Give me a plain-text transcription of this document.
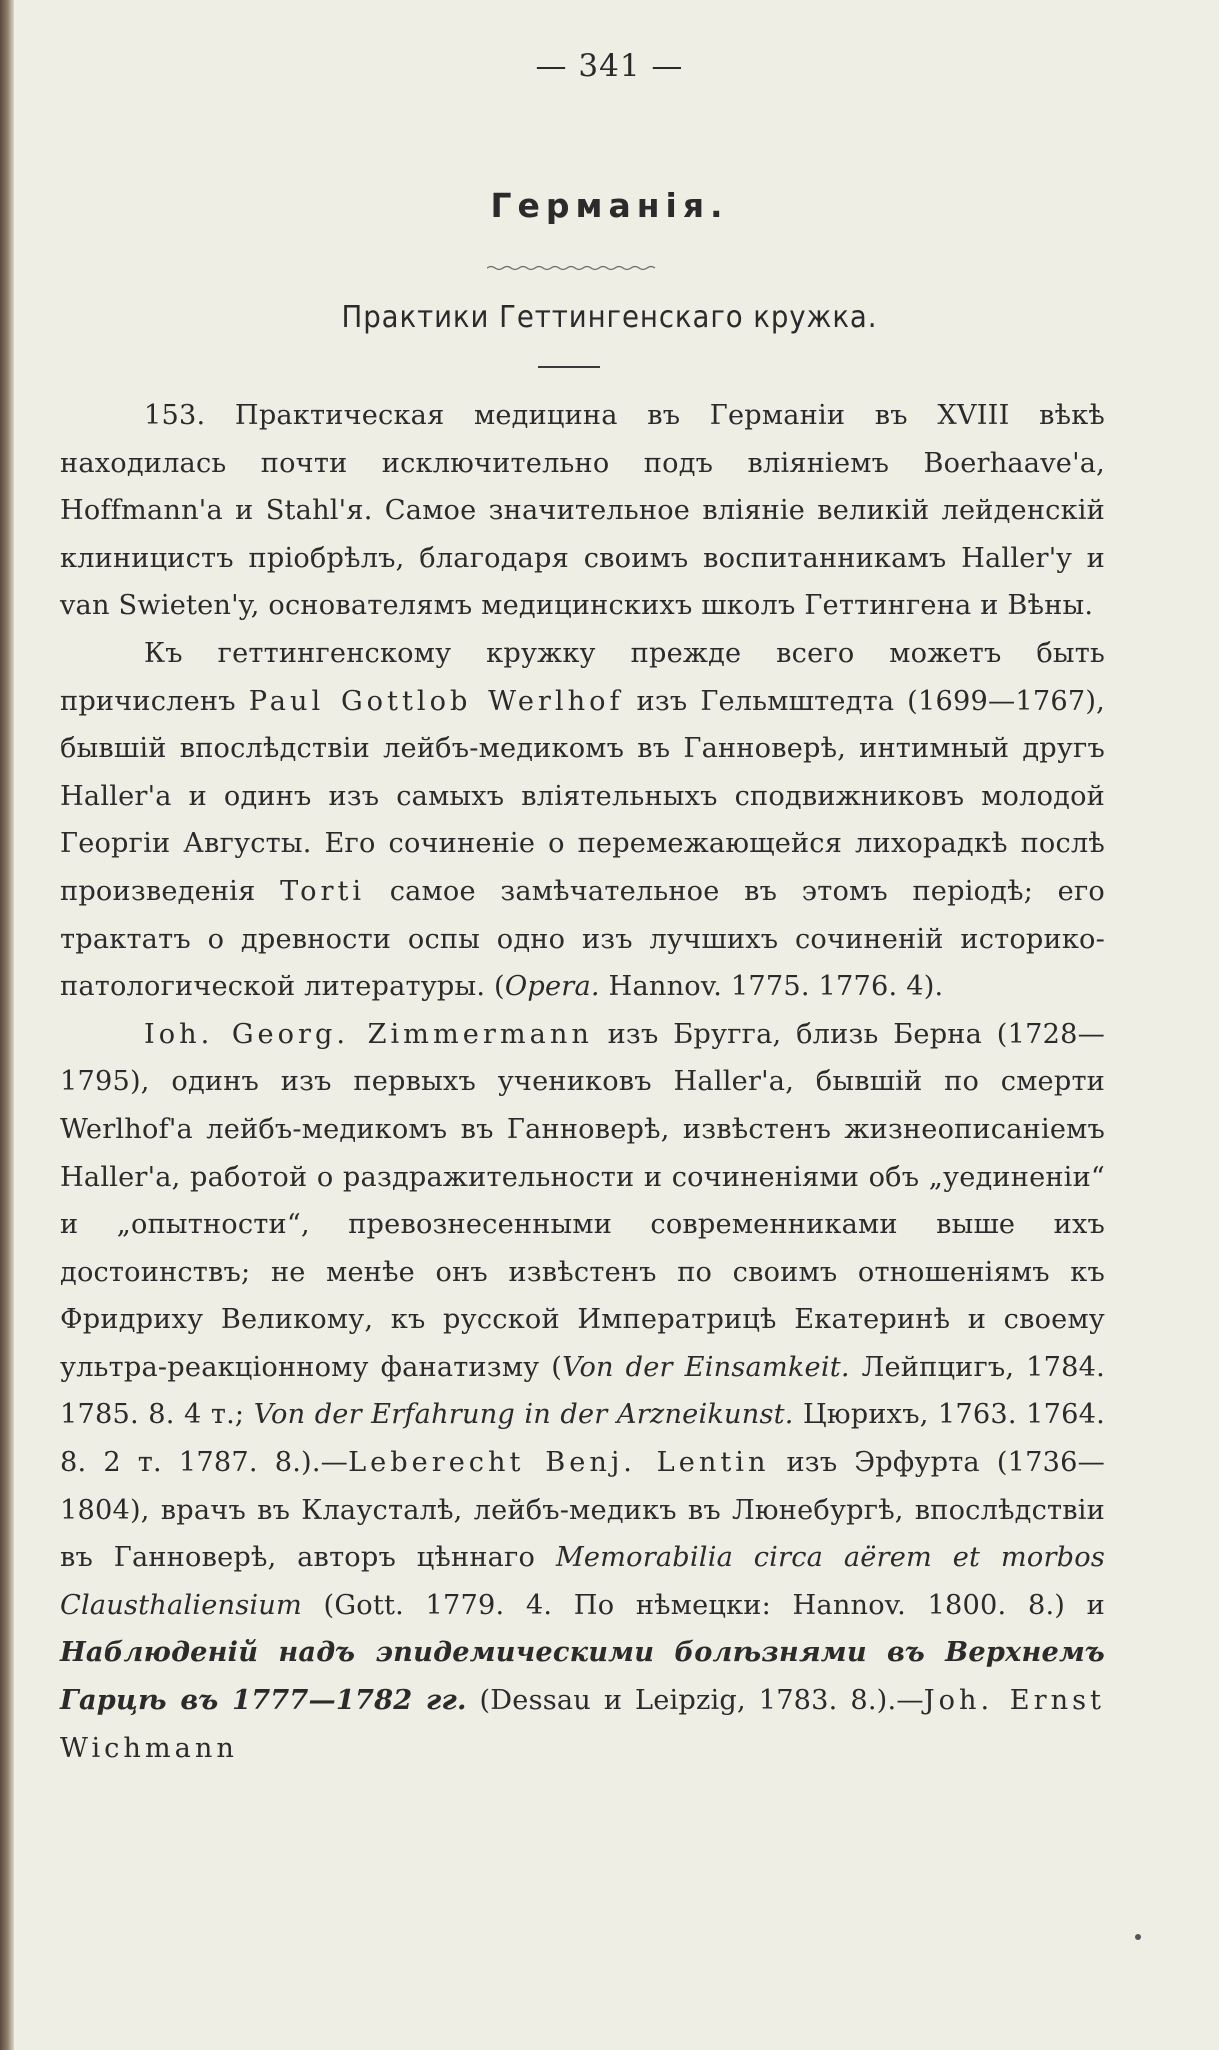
— 341 —
Германія.
Практики Геттингенскаго кружка.

153. Практическая медицина въ Германіи въ XVIII вѣкѣ находилась почти исключительно подъ вліяніемъ Boerhaave'a, Hoffmann'a и Stahl'я. Самое значительное вліяніе великій лейденскій клиницистъ пріобрѣлъ, благодаря своимъ воспитанникамъ Haller'y и van Swieten'y, основателямъ медицинскихъ школъ Геттингена и Вѣны.

Къ геттингенскому кружку прежде всего можетъ быть причисленъ Paul Gottlob Werlhof изъ Гельмштедта (1699—1767), бывшій впослѣдствіи лейбъ-медикомъ въ Ганноверѣ, интимный другъ Haller'a и одинъ изъ самыхъ вліятельныхъ сподвижниковъ молодой Георгіи Августы. Его сочиненіе о перемежающейся лихорадкѣ послѣ произведенія Torti самое замѣчательное въ этомъ періодѣ; его трактатъ о древности оспы одно изъ лучшихъ сочиненій историко-патологической литературы. (Opera. Hannov. 1775. 1776. 4).

Ioh. Georg. Zimmermann изъ Бругга, близь Берна (1728—1795), одинъ изъ первыхъ учениковъ Haller'a, бывшій по смерти Werlhof'a лейбъ-медикомъ въ Ганноверѣ, извѣстенъ жизнеописаніемъ Haller'a, работой о раздражительности и сочиненіями объ „уединеніи“ и „опытности“, превознесенными современниками выше ихъ достоинствъ; не менѣе онъ извѣстенъ по своимъ отношеніямъ къ Фридриху Великому, къ русской Императрицѣ Екатеринѣ и своему ультра-реакціонному фанатизму (Von der Einsamkeit. Лейпцигъ, 1784. 1785. 8. 4 т.; Von der Erfahrung in der Arzneikunst. Цюрихъ, 1763. 1764. 8. 2 т. 1787. 8.).—Leberecht Benj. Lentin изъ Эрфурта (1736—1804), врачъ въ Клаусталѣ, лейбъ-медикъ въ Люнебургѣ, впослѣдствіи въ Ганноверѣ, авторъ цѣннаго Memorabilia circa aërem et morbos Clausthaliensium (Gott. 1779. 4. По нѣмецки: Hannov. 1800. 8.) и Наблюденій надъ эпидемическими болѣзнями въ Верхнемъ Гарцѣ въ 1777—1782 гг. (Dessau и Leipzig, 1783. 8.).—Joh. Ernst Wichmann
